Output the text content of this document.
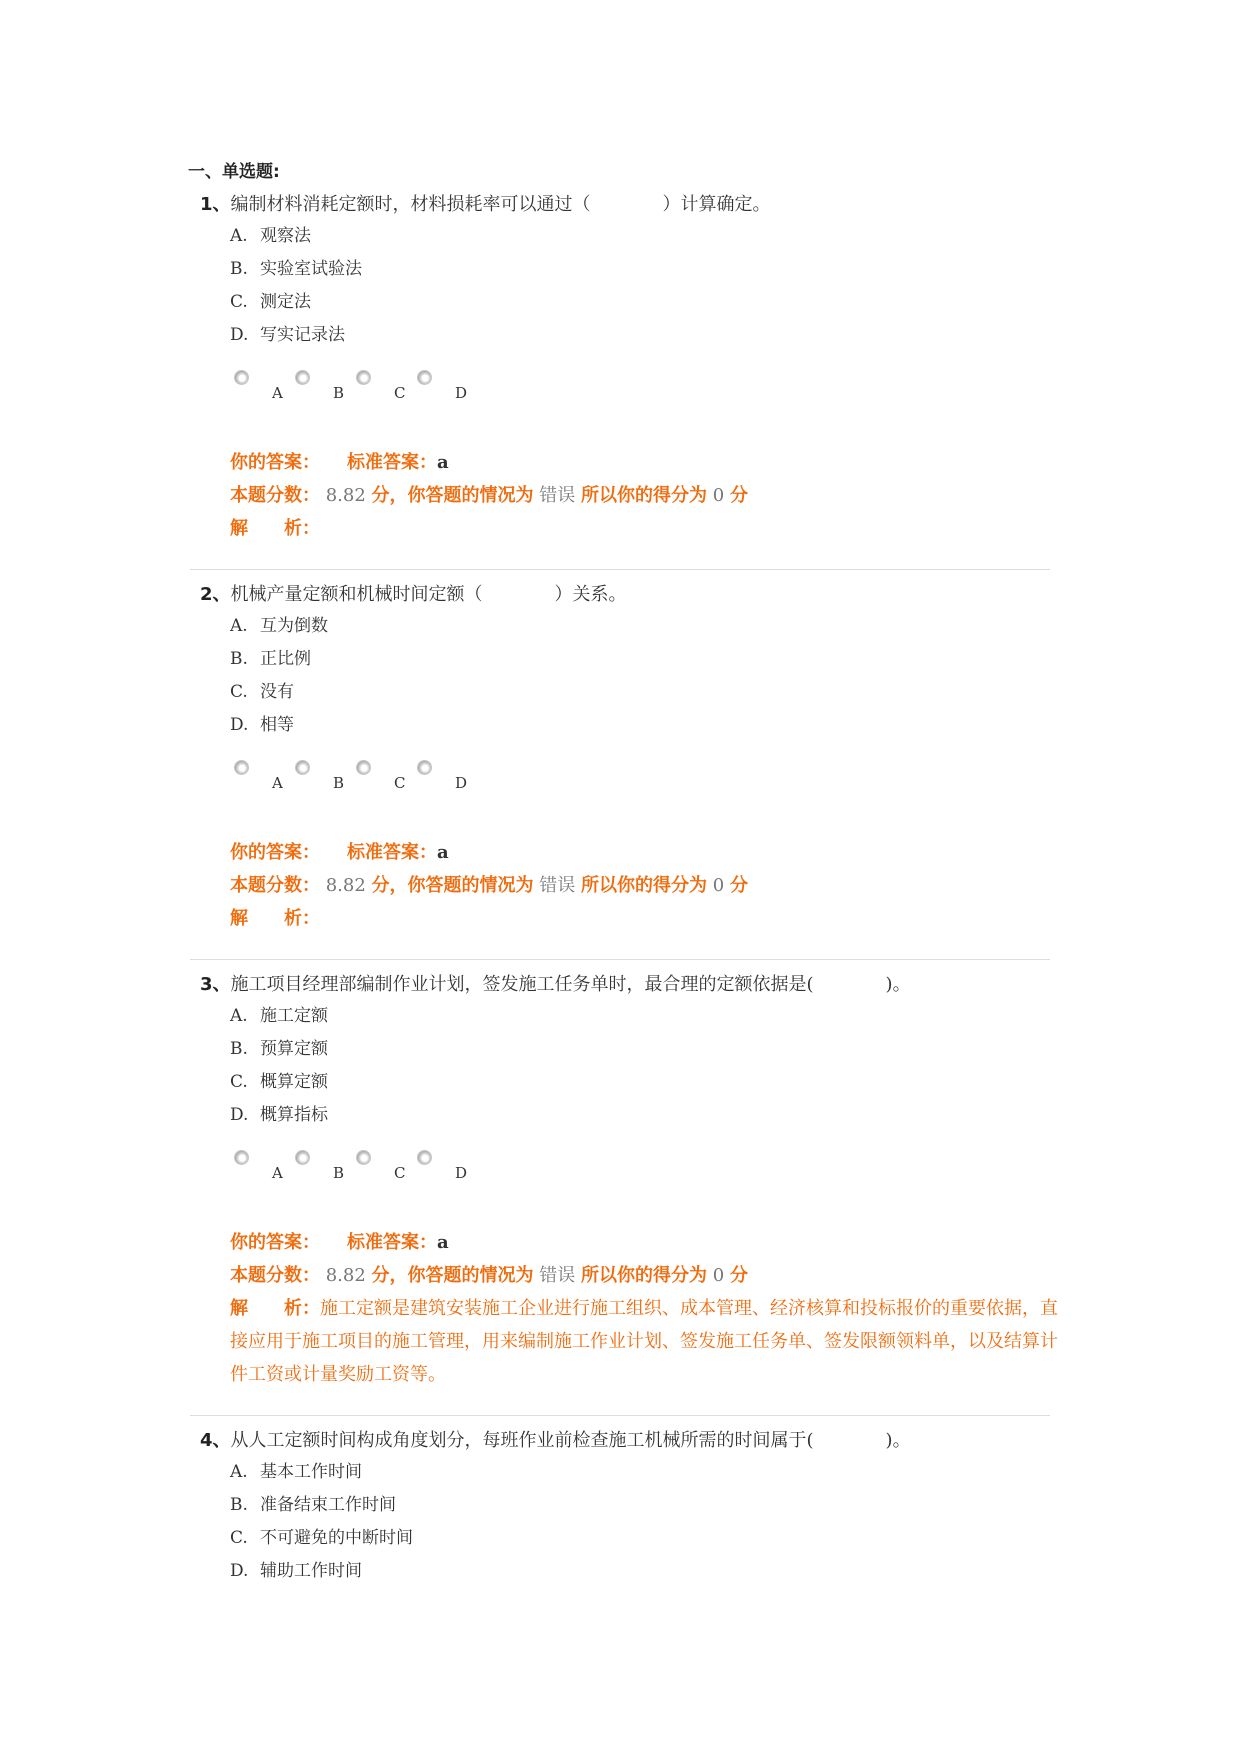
一、单选题:
1、编制材料消耗定额时，材料损耗率可以通过（　　　　）计算确定。
A. 观察法
B. 实验室试验法
C. 测定法
D. 写实记录法
A	B	C	D
你的答案：　　 标准答案：a
本题分数： 8.82 分，你答题的情况为 错误 所以你的得分为 0 分
解　　析：
2、机械产量定额和机械时间定额（　　　　）关系。
A. 互为倒数
B. 正比例
C. 没有
D. 相等
A	B	C	D
你的答案：　　 标准答案：a
本题分数： 8.82 分，你答题的情况为 错误 所以你的得分为 0 分
解　　析：
3、施工项目经理部编制作业计划，签发施工任务单时，最合理的定额依据是(　　　　)。
A. 施工定额
B. 预算定额
C. 概算定额
D. 概算指标
A	B	C	D
你的答案：　　 标准答案：a
本题分数： 8.82 分，你答题的情况为 错误 所以你的得分为 0 分
解　　析：施工定额是建筑安装施工企业进行施工组织、成本管理、经济核算和投标报价的重要依据，直接应用于施工项目的施工管理，用来编制施工作业计划、签发施工任务单、签发限额领料单，以及结算计件工资或计量奖励工资等。
4、从人工定额时间构成角度划分，每班作业前检查施工机械所需的时间属于(　　　　)。
A. 基本工作时间
B. 准备结束工作时间
C. 不可避免的中断时间
D. 辅助工作时间
